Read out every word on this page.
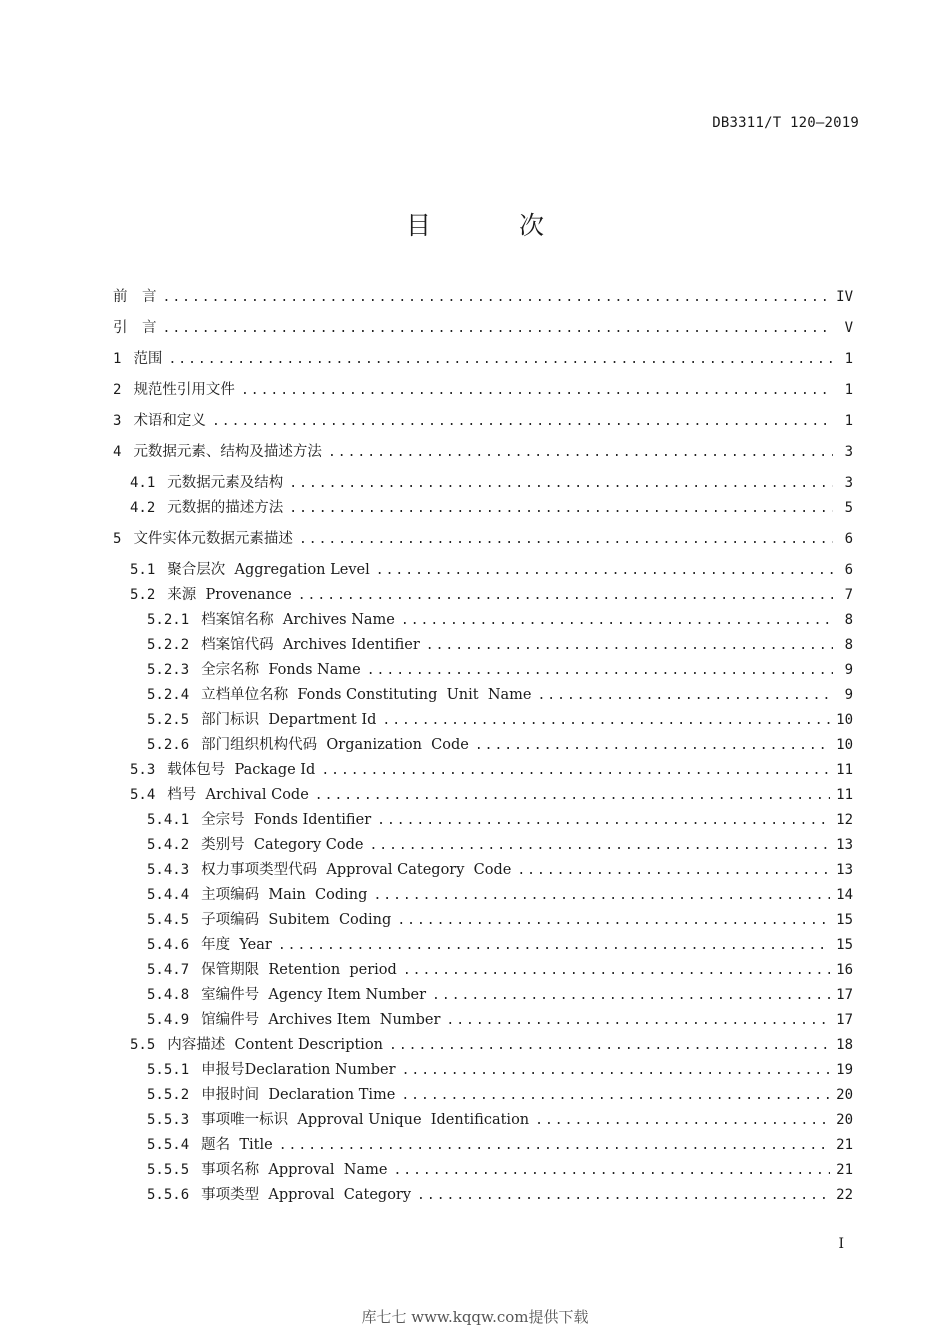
DB3311/T 120—2019
目 次
前　言 .....	IV
引　言 .....	V
1 范围 .....	1
2 规范性引用文件 .....	1
3 术语和定义 .....	1
4 元数据元素、结构及描述方法 .....	3
4.1 元数据元素及结构 .....	3
4.2 元数据的描述方法 .....	5
5 文件实体元数据元素描述 .....	6
5.1 聚合层次  Aggregation Level .....	6
5.2 来源  Provenance .....	7
5.2.1 档案馆名称  Archives Name .....	8
5.2.2 档案馆代码  Archives Identifier .....	8
5.2.3 全宗名称  Fonds Name .....	9
5.2.4 立档单位名称  Fonds Constituting  Unit  Name .....	9
5.2.5 部门标识  Department Id .....	10
5.2.6 部门组织机构代码  Organization  Code .....	10
5.3 载体包号  Package Id .....	11
5.4 档号  Archival Code .....	11
5.4.1 全宗号  Fonds Identifier .....	12
5.4.2 类别号  Category Code .....	13
5.4.3 权力事项类型代码  Approval Category  Code .....	13
5.4.4 主项编码  Main  Coding .....	14
5.4.5 子项编码  Subitem  Coding .....	15
5.4.6 年度  Year .....	15
5.4.7 保管期限  Retention  period .....	16
5.4.8 室编件号  Agency Item Number .....	17
5.4.9 馆编件号  Archives Item  Number .....	17
5.5 内容描述  Content Description .....	18
5.5.1 申报号Declaration Number .....	19
5.5.2 申报时间  Declaration Time .....	20
5.5.3 事项唯一标识  Approval Unique  Identification .....	20
5.5.4 题名  Title .....	21
5.5.5 事项名称  Approval  Name .....	21
5.5.6 事项类型  Approval  Category .....	22
I
库七七 www.kqqw.com提供下载
